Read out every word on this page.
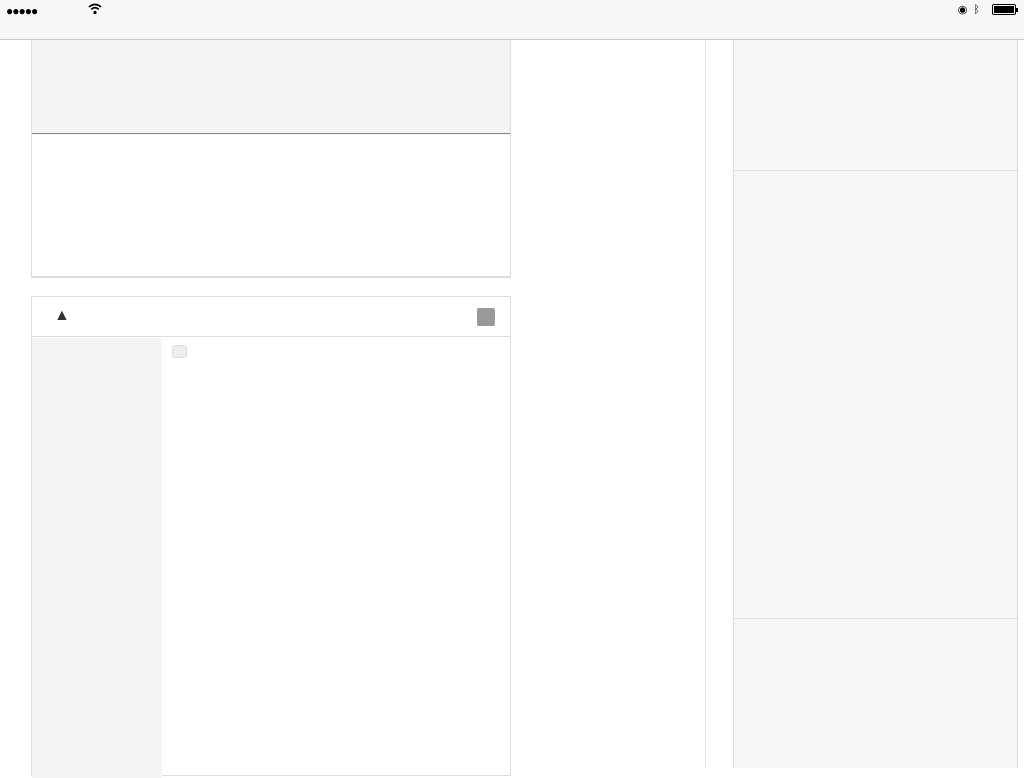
●●●●●	◉ ᛒ
▲
